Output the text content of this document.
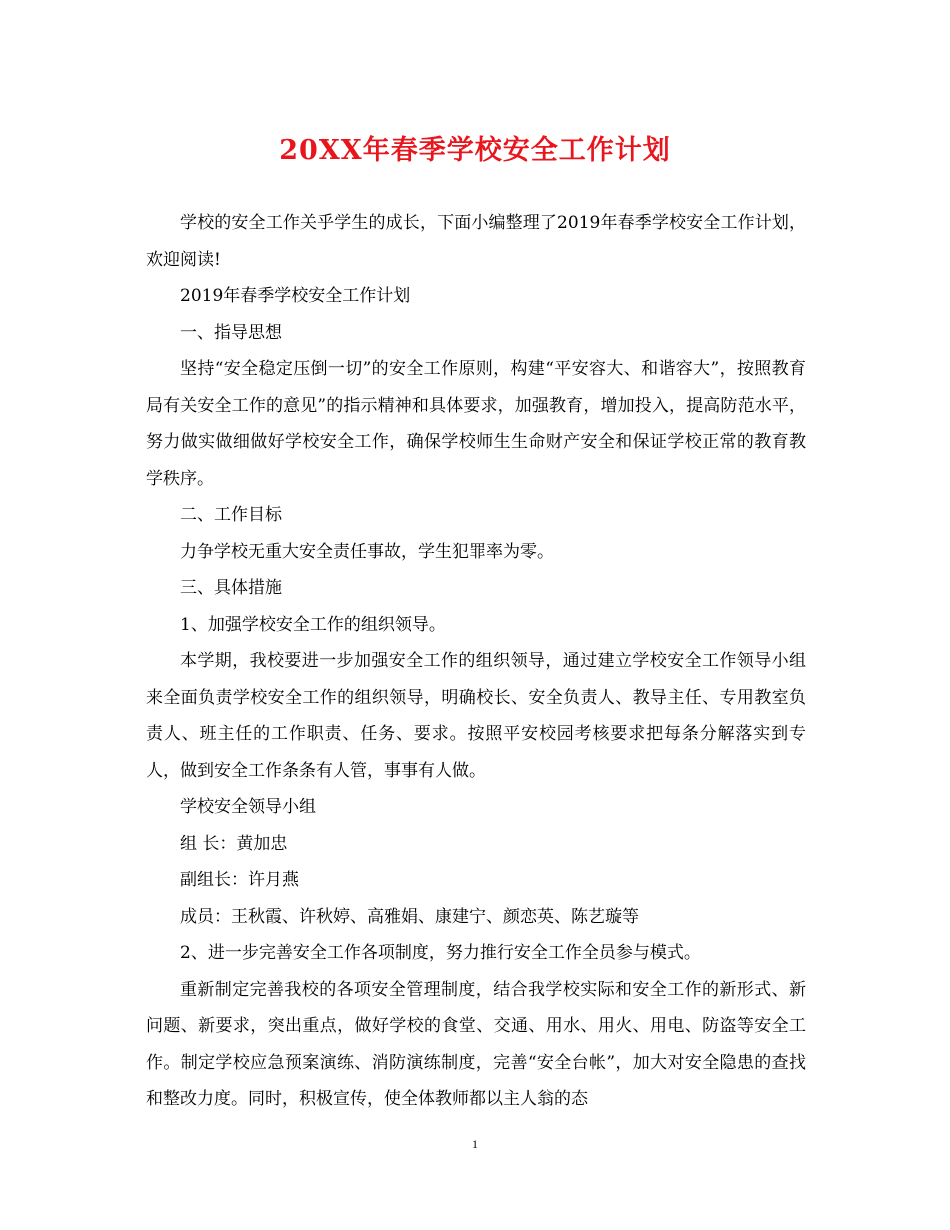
20XX年春季学校安全工作计划

学校的安全工作关乎学生的成长，下面小编整理了2019年春季学校安全工作计划，欢迎阅读!

2019年春季学校安全工作计划

一、指导思想

坚持“安全稳定压倒一切”的安全工作原则，构建“平安容大、和谐容大”，按照教育局有关安全工作的意见”的指示精神和具体要求，加强教育，增加投入，提高防范水平，努力做实做细做好学校安全工作，确保学校师生生命财产安全和保证学校正常的教育教学秩序。

二、工作目标

力争学校无重大安全责任事故，学生犯罪率为零。

三、具体措施

1、加强学校安全工作的组织领导。

本学期，我校要进一步加强安全工作的组织领导，通过建立学校安全工作领导小组来全面负责学校安全工作的组织领导，明确校长、安全负责人、教导主任、专用教室负责人、班主任的工作职责、任务、要求。按照平安校园考核要求把每条分解落实到专人，做到安全工作条条有人管，事事有人做。

学校安全领导小组

组 长：黄加忠

副组长：许月燕

成员：王秋霞、许秋婷、高雅娟、康建宁、颜恋英、陈艺璇等

2、进一步完善安全工作各项制度，努力推行安全工作全员参与模式。

重新制定完善我校的各项安全管理制度，结合我学校实际和安全工作的新形式、新问题、新要求，突出重点，做好学校的食堂、交通、用水、用火、用电、防盗等安全工作。制定学校应急预案演练、消防演练制度，完善“安全台帐”，加大对安全隐患的查找和整改力度。同时，积极宣传，使全体教师都以主人翁的态

1
